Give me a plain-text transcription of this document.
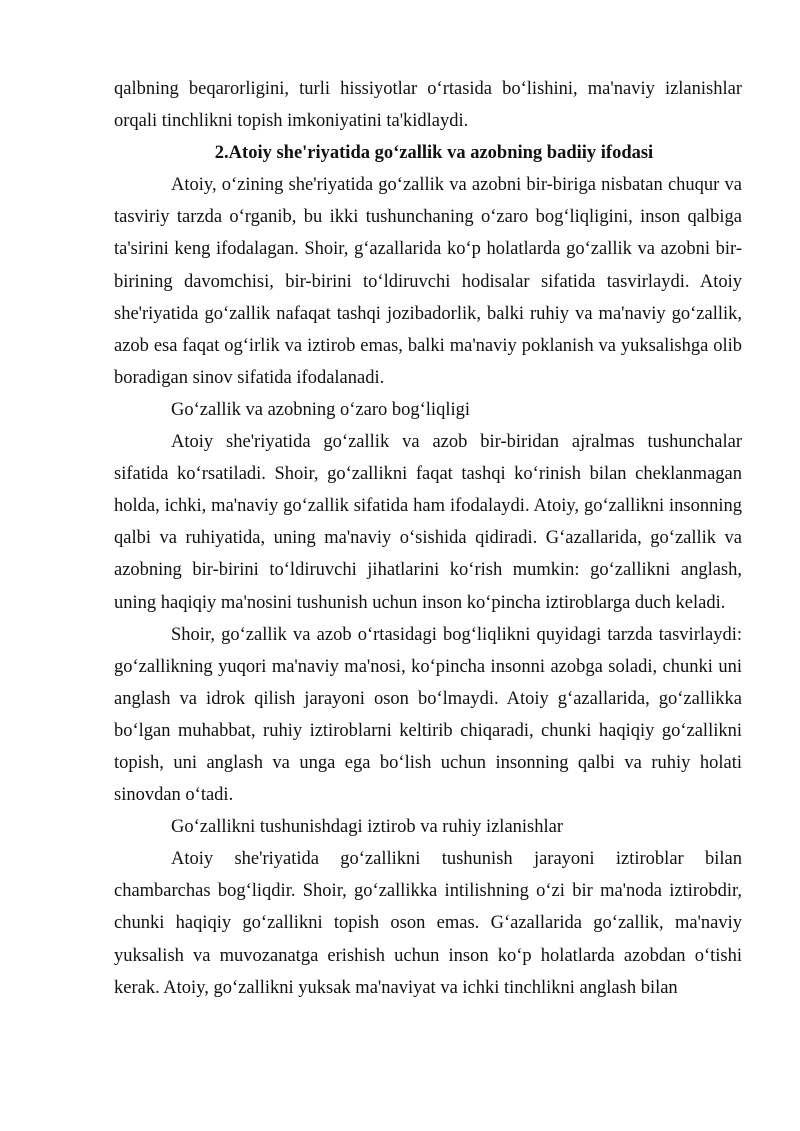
qalbning beqarorligini, turli hissiyotlar o‘rtasida bo‘lishini, ma'naviy izlanishlar orqali tinchlikni topish imkoniyatini ta'kidlaydi.

2.Atoiy she'riyatida go‘zallik va azobning badiiy ifodasi

Atoiy, o‘zining she'riyatida go‘zallik va azobni bir-biriga nisbatan chuqur va tasviriy tarzda o‘rganib, bu ikki tushunchaning o‘zaro bog‘liqligini, inson qalbiga ta'sirini keng ifodalagan. Shoir, g‘azallarida ko‘p holatlarda go‘zallik va azobni bir-birining davomchisi, bir-birini to‘ldiruvchi hodisalar sifatida tasvirlaydi. Atoiy she'riyatida go‘zallik nafaqat tashqi jozibadorlik, balki ruhiy va ma'naviy go‘zallik, azob esa faqat og‘irlik va iztirob emas, balki ma'naviy poklanish va yuksalishga olib boradigan sinov sifatida ifodalanadi.

Go‘zallik va azobning o‘zaro bog‘liqligi

Atoiy she'riyatida go‘zallik va azob bir-biridan ajralmas tushunchalar sifatida ko‘rsatiladi. Shoir, go‘zallikni faqat tashqi ko‘rinish bilan cheklanmagan holda, ichki, ma'naviy go‘zallik sifatida ham ifodalaydi. Atoiy, go‘zallikni insonning qalbi va ruhiyatida, uning ma'naviy o‘sishida qidiradi. G‘azallarida, go‘zallik va azobning bir-birini to‘ldiruvchi jihatlarini ko‘rish mumkin: go‘zallikni anglash, uning haqiqiy ma'nosini tushunish uchun inson ko‘pincha iztiroblarga duch keladi.

Shoir, go‘zallik va azob o‘rtasidagi bog‘liqlikni quyidagi tarzda tasvirlaydi: go‘zallikning yuqori ma'naviy ma'nosi, ko‘pincha insonni azobga soladi, chunki uni anglash va idrok qilish jarayoni oson bo‘lmaydi. Atoiy g‘azallarida, go‘zallikka bo‘lgan muhabbat, ruhiy iztiroblarni keltirib chiqaradi, chunki haqiqiy go‘zallikni topish, uni anglash va unga ega bo‘lish uchun insonning qalbi va ruhiy holati sinovdan o‘tadi.

Go‘zallikni tushunishdagi iztirob va ruhiy izlanishlar

Atoiy she'riyatida go‘zallikni tushunish jarayoni iztiroblar bilan chambarchas bog‘liqdir. Shoir, go‘zallikka intilishning o‘zi bir ma'noda iztirobdir, chunki haqiqiy go‘zallikni topish oson emas. G‘azallarida go‘zallik, ma'naviy yuksalish va muvozanatga erishish uchun inson ko‘p holatlarda azobdan o‘tishi kerak. Atoiy, go‘zallikni yuksak ma'naviyat va ichki tinchlikni anglash bilan
